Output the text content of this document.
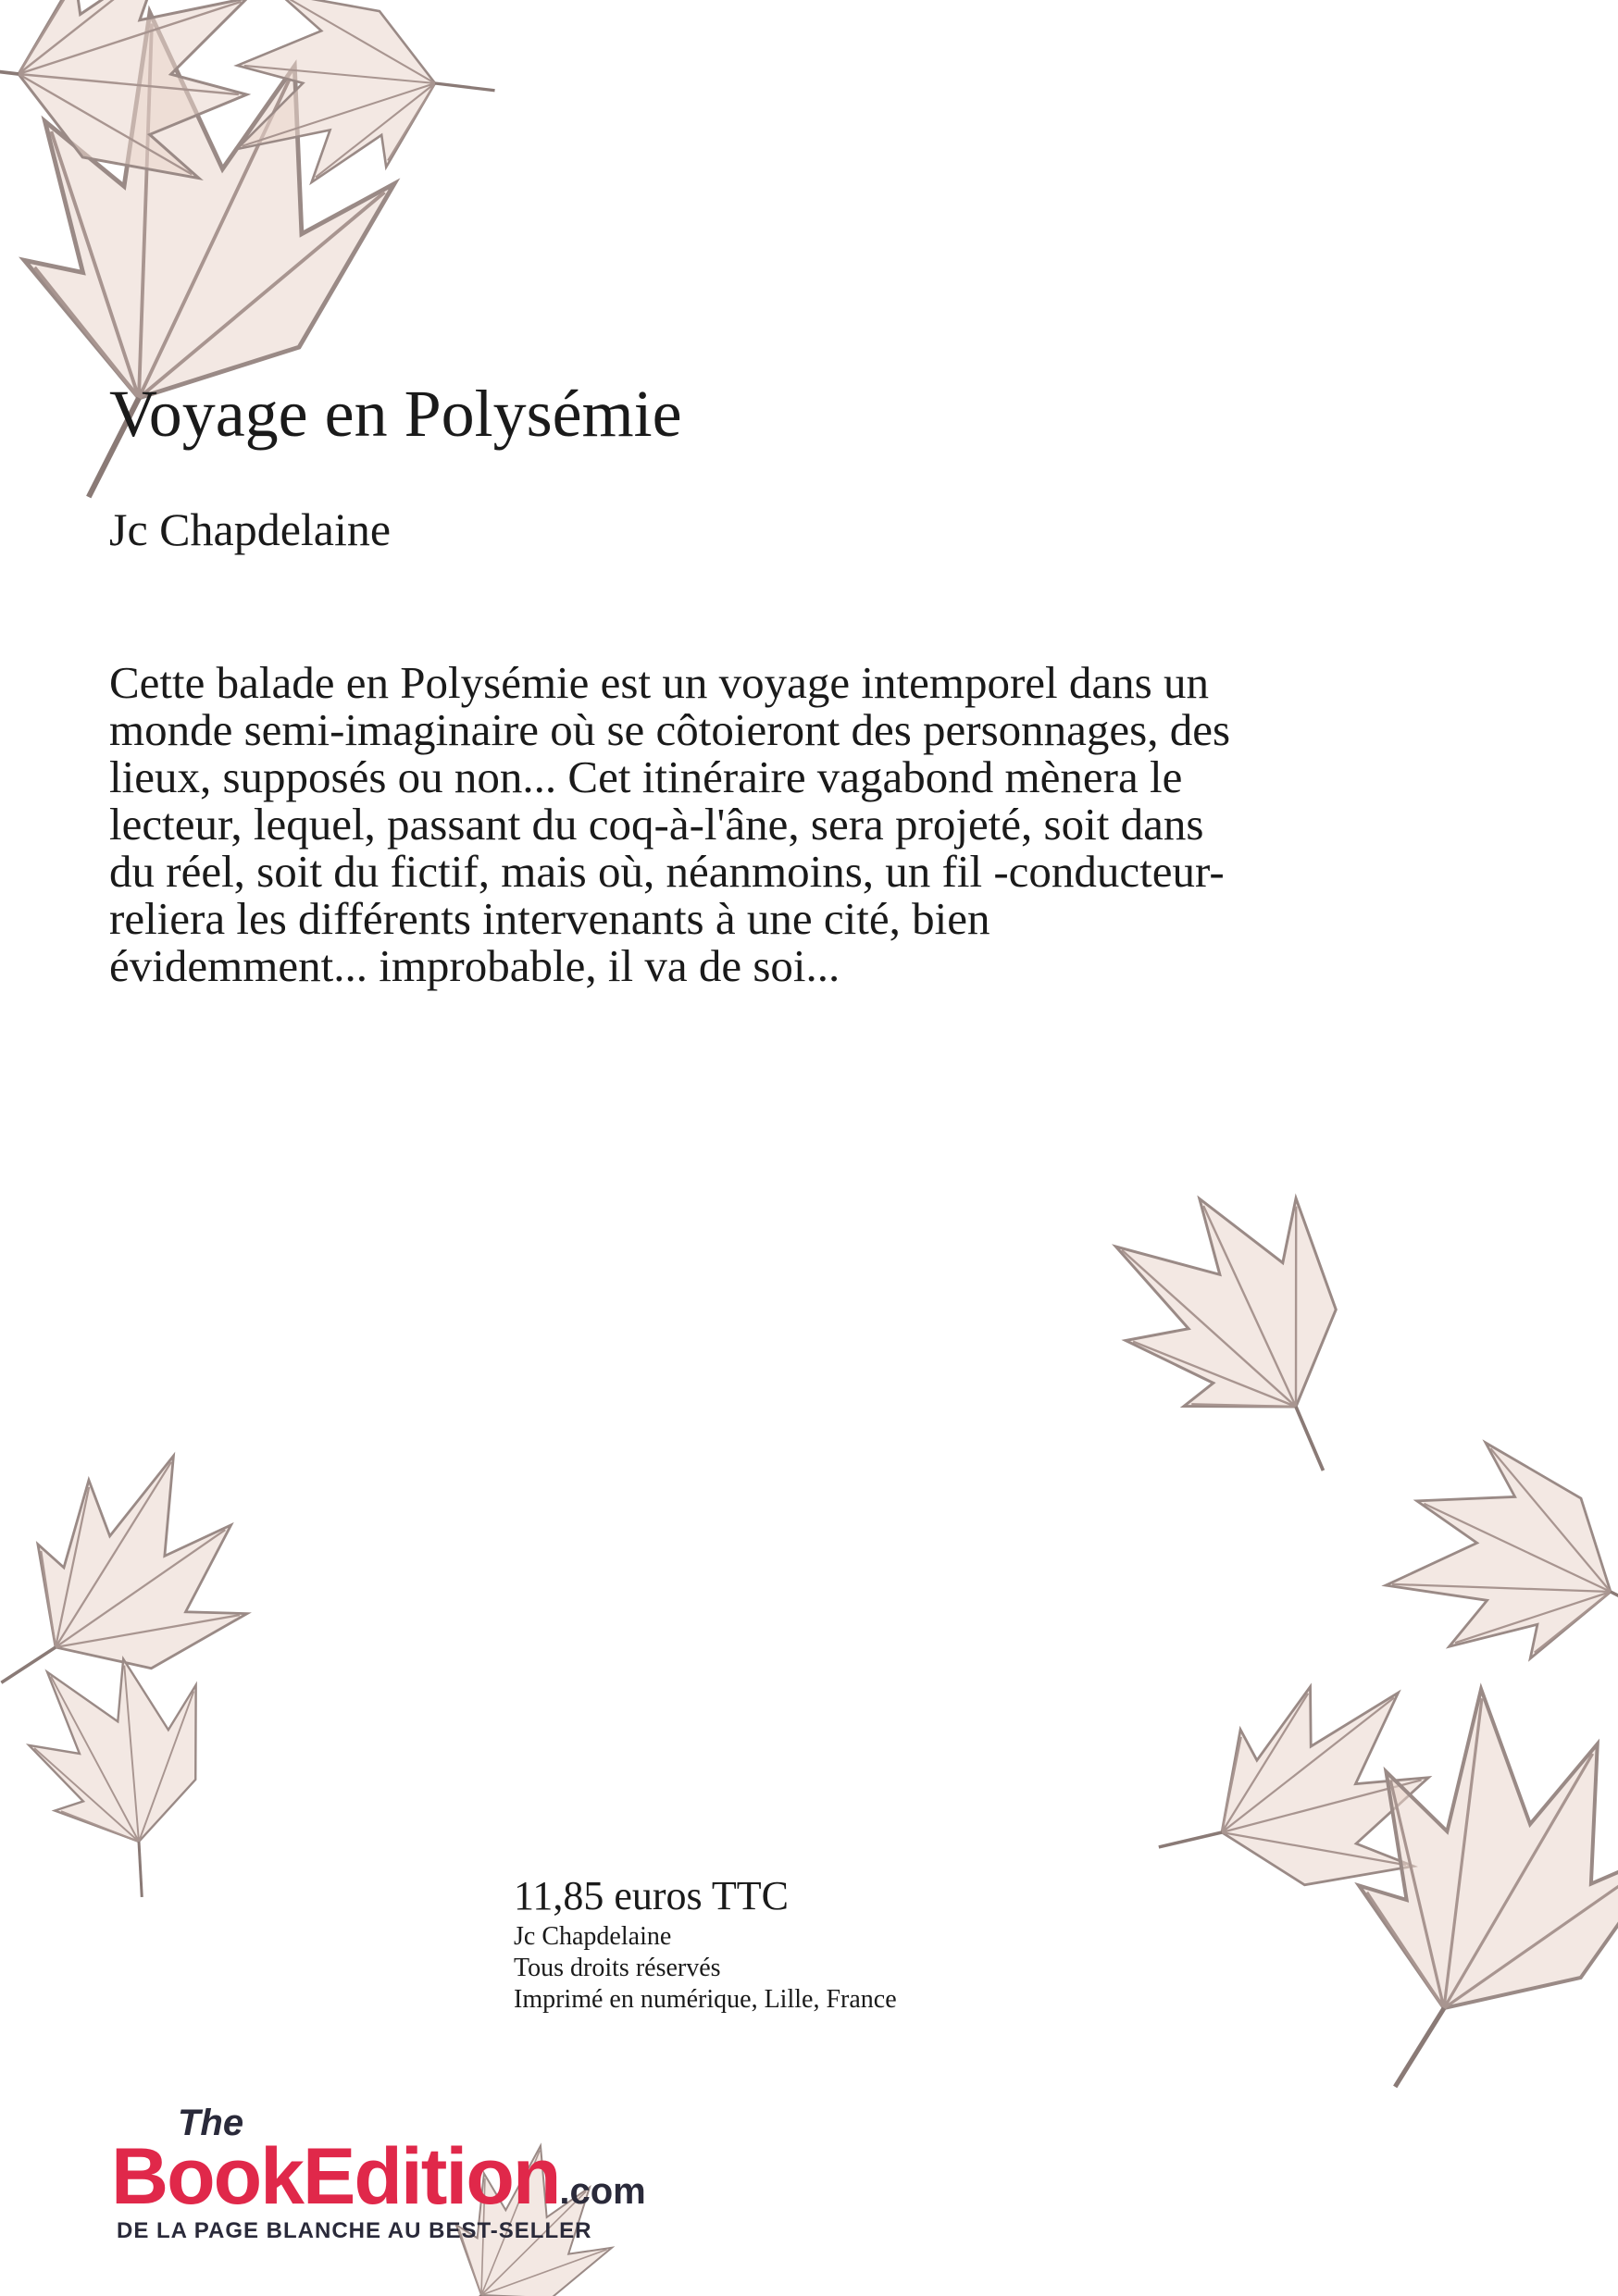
Voyage en Polysémie
Jc Chapdelaine

Cette balade en Polysémie est un voyage intemporel dans un monde semi-imaginaire où se côtoieront des personnages, des lieux, supposés ou non... Cet itinéraire vagabond mènera le lecteur, lequel, passant du coq-à-l'âne, sera projeté, soit dans du réel, soit du fictif, mais où, néanmoins, un fil -conducteur- reliera les différents intervenants à une cité, bien évidemment... improbable, il va de soi...

11,85 euros TTC
Jc Chapdelaine
Tous droits réservés
Imprimé en numérique, Lille, France
The
BookEdition.com
DE LA PAGE BLANCHE AU BEST-SELLER
